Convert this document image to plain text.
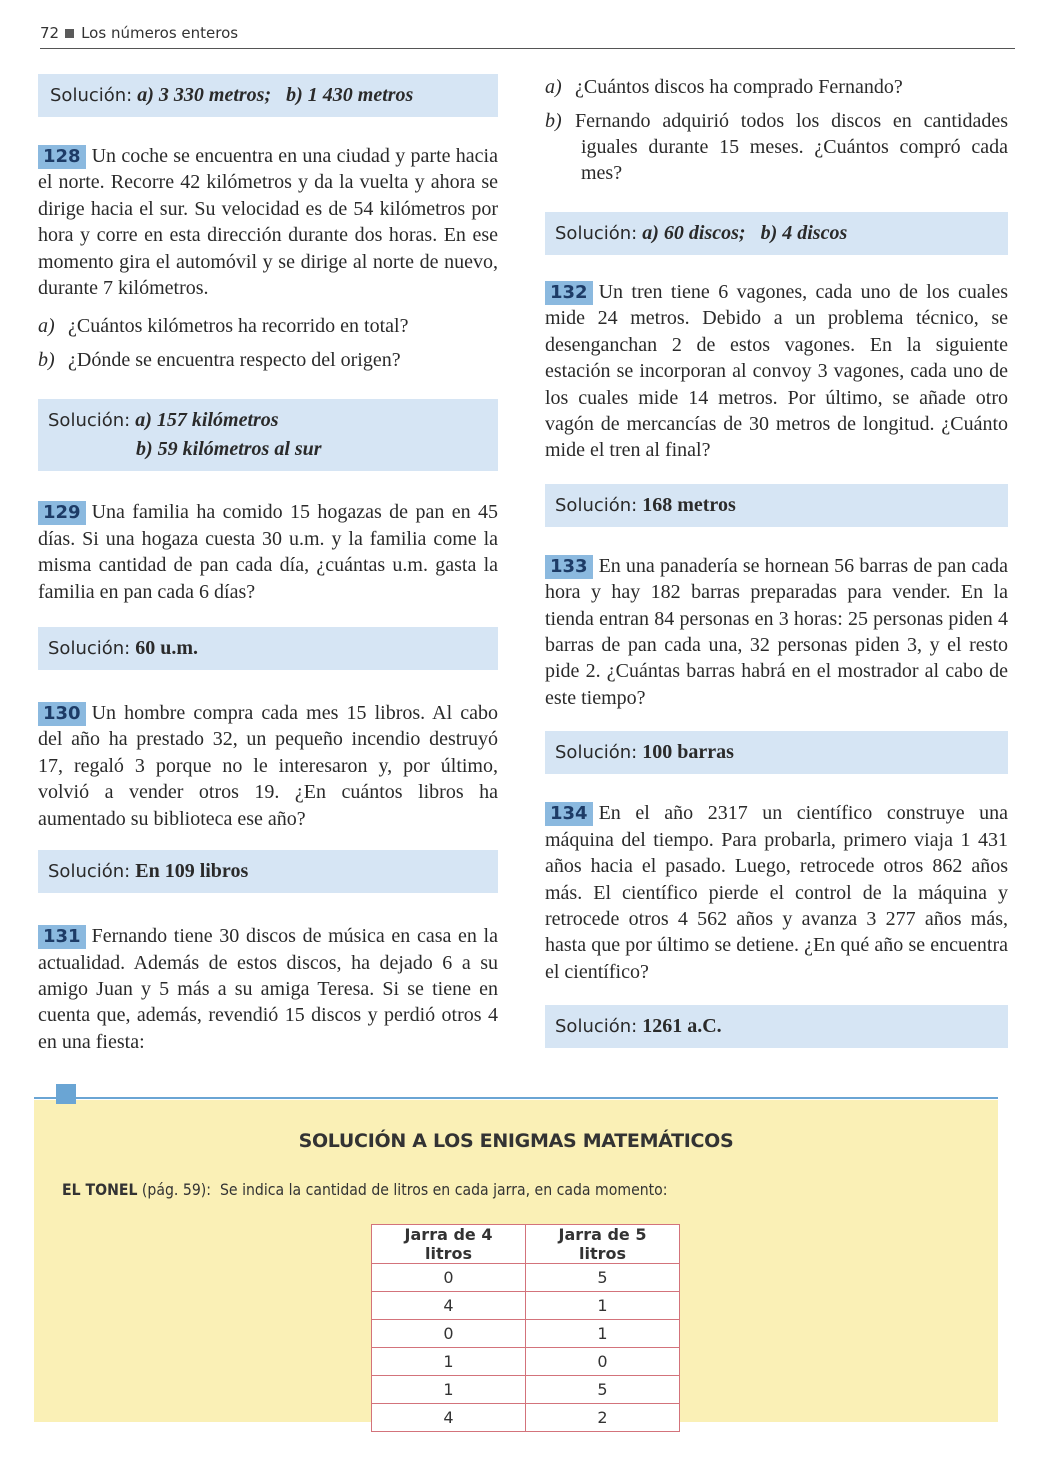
72 Los números enteros
Solución: a) 3 330 metros; b) 1 430 metros
128 Un coche se encuentra en una ciudad y parte hacia el norte. Recorre 42 kilómetros y da la vuelta y ahora se dirige hacia el sur. Su velocidad es de 54 kilómetros por hora y corre en esta dirección durante dos horas. En ese momento gira el automóvil y se dirige al norte de nuevo, durante 7 kilómetros.
a) ¿Cuántos kilómetros ha recorrido en total?
b) ¿Dónde se encuentra respecto del origen?
Solución: a) 157 kilómetros
b) 59 kilómetros al sur
129 Una familia ha comido 15 hogazas de pan en 45 días. Si una hogaza cuesta 30 u.m. y la familia come la misma cantidad de pan cada día, ¿cuántas u.m. gasta la familia en pan cada 6 días?
Solución: 60 u.m.
130 Un hombre compra cada mes 15 libros. Al cabo del año ha prestado 32, un pequeño incendio destruyó 17, regaló 3 porque no le interesaron y, por último, volvió a vender otros 19. ¿En cuántos libros ha aumentado su biblioteca ese año?
Solución: En 109 libros
131 Fernando tiene 30 discos de música en casa en la actualidad. Además de estos discos, ha dejado 6 a su amigo Juan y 5 más a su amiga Teresa. Si se tiene en cuenta que, además, revendió 15 discos y perdió otros 4 en una fiesta:
a) ¿Cuántos discos ha comprado Fernando?
b) Fernando adquirió todos los discos en cantidades iguales durante 15 meses. ¿Cuántos compró cada mes?
Solución: a) 60 discos; b) 4 discos
132 Un tren tiene 6 vagones, cada uno de los cuales mide 24 metros. Debido a un problema técnico, se desenganchan 2 de estos vagones. En la siguiente estación se incorporan al convoy 3 vagones, cada uno de los cuales mide 14 metros. Por último, se añade otro vagón de mercancías de 30 metros de longitud. ¿Cuánto mide el tren al final?
Solución: 168 metros
133 En una panadería se hornean 56 barras de pan cada hora y hay 182 barras preparadas para vender. En la tienda entran 84 personas en 3 horas: 25 personas piden 4 barras de pan cada una, 32 personas piden 3, y el resto pide 2. ¿Cuántas barras habrá en el mostrador al cabo de este tiempo?
Solución: 100 barras
134 En el año 2317 un científico construye una máquina del tiempo. Para probarla, primero viaja 1 431 años hacia el pasado. Luego, retrocede otros 862 años más. El científico pierde el control de la máquina y retrocede otros 4 562 años y avanza 3 277 años más, hasta que por último se detiene. ¿En qué año se encuentra el científico?
Solución: 1261 a.C.
SOLUCIÓN A LOS ENIGMAS MATEMÁTICOS
EL TONEL (pág. 59): Se indica la cantidad de litros en cada jarra, en cada momento:
Jarra de 4 litros	Jarra de 5 litros
0	5
4	1
0	1
1	0
1	5
4	2
